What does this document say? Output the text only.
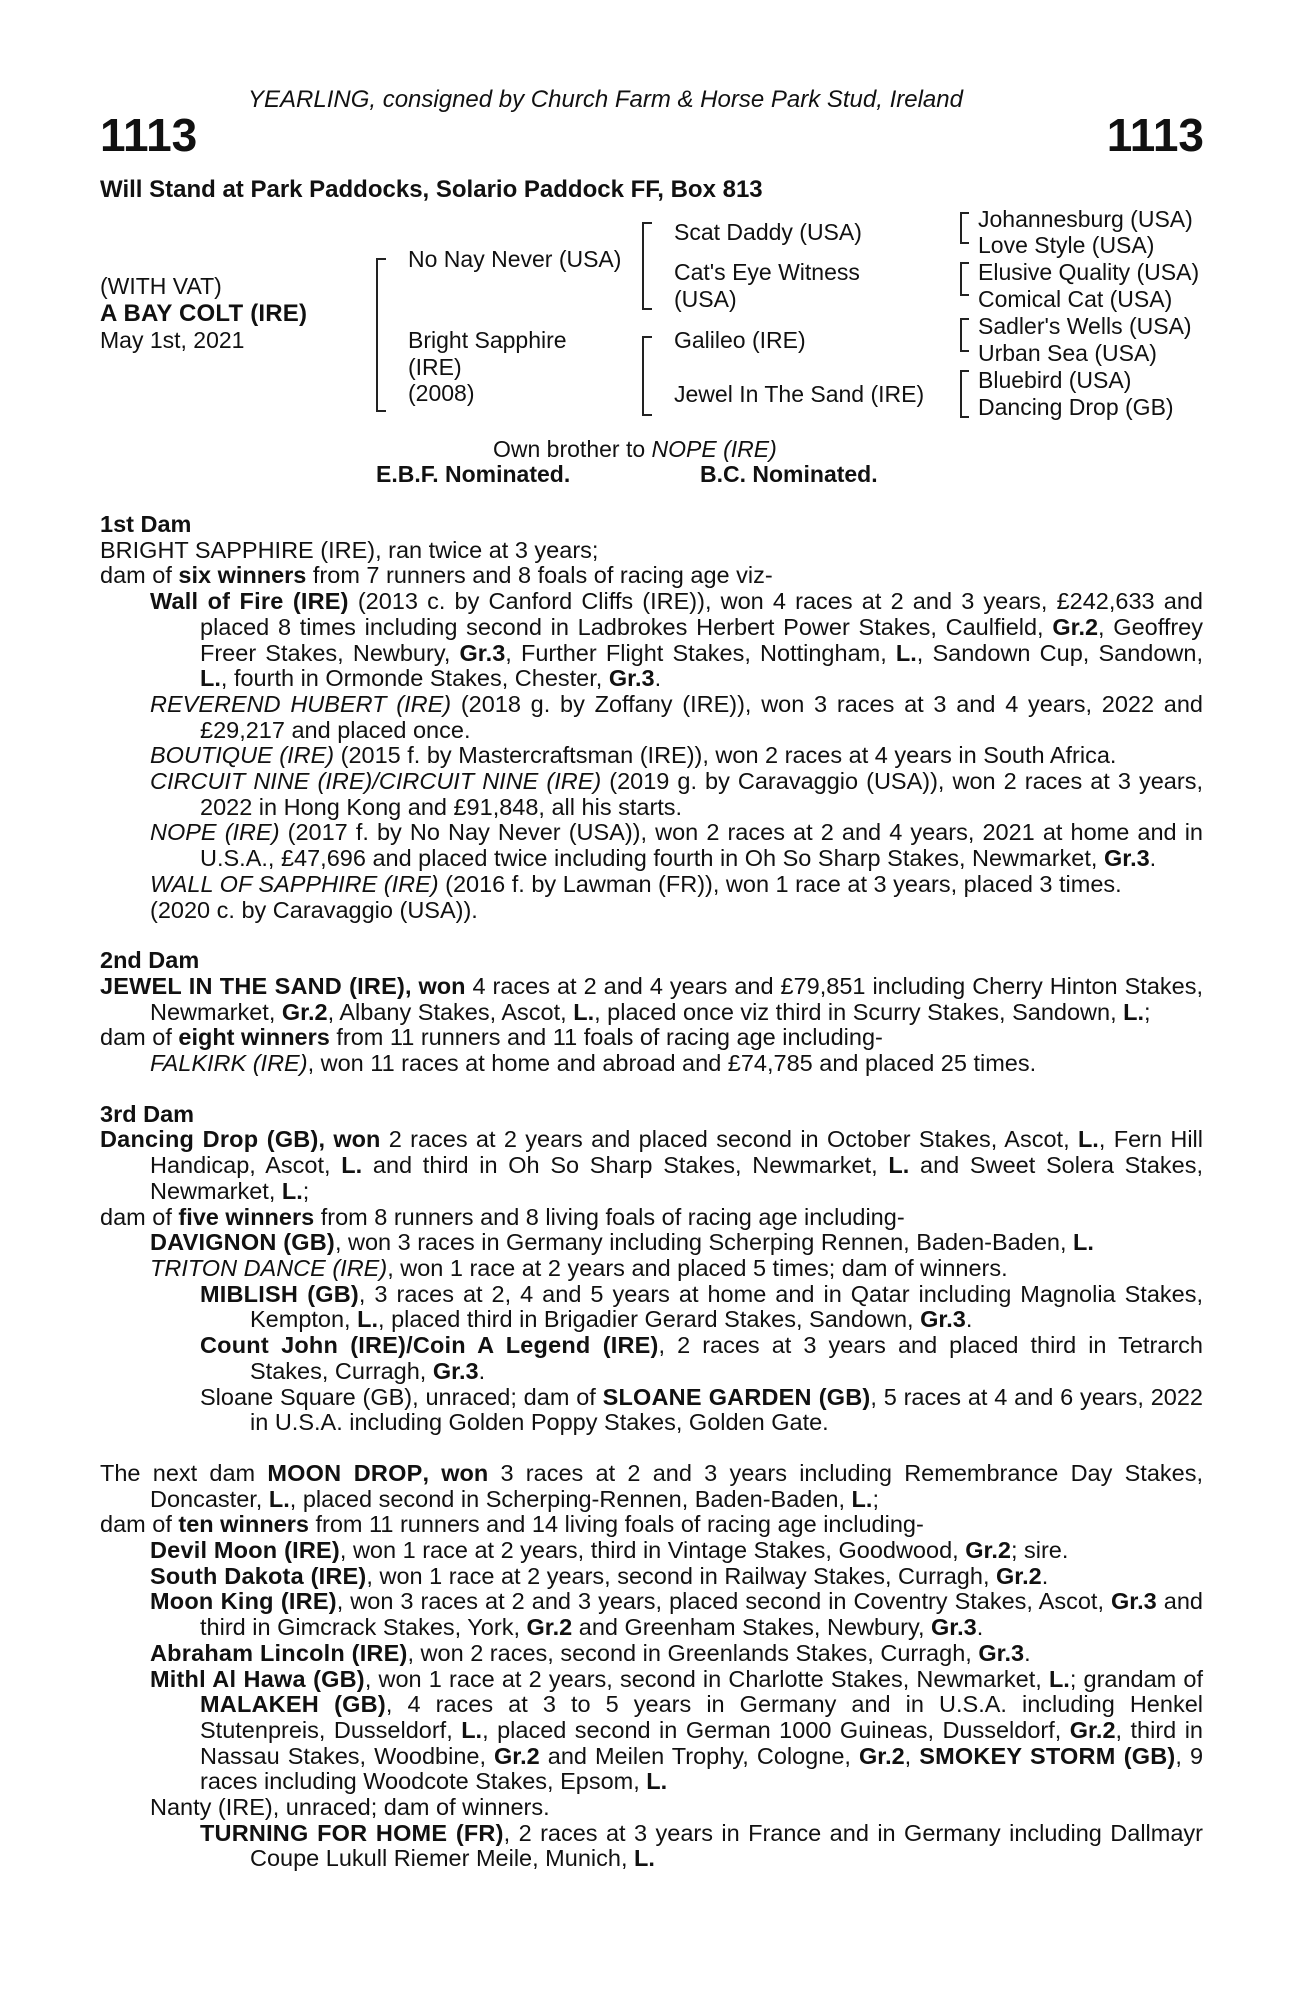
YEARLING, consigned by Church Farm & Horse Park Stud, Ireland
1113	1113
Will Stand at Park Paddocks, Solario Paddock FF, Box 813
(WITH VAT)
A BAY COLT (IRE)
May 1st, 2021
No Nay Never (USA)
Bright Sapphire
(IRE)
(2008)
Scat Daddy (USA)
Cat's Eye Witness
(USA)
Galileo (IRE)
Jewel In The Sand (IRE)
Johannesburg (USA)
Love Style (USA)
Elusive Quality (USA)
Comical Cat (USA)
Sadler's Wells (USA)
Urban Sea (USA)
Bluebird (USA)
Dancing Drop (GB)
Own brother to NOPE (IRE)
E.B.F. Nominated.	B.C. Nominated.

1st Dam

BRIGHT SAPPHIRE (IRE), ran twice at 3 years;

dam of six winners from 7 runners and 8 foals of racing age viz-

Wall of Fire (IRE) (2013 c. by Canford Cliffs (IRE)), won 4 races at 2 and 3 years, £242,633 and placed 8 times including second in Ladbrokes Herbert Power Stakes, Caulfield, Gr.2, Geoffrey Freer Stakes, Newbury, Gr.3, Further Flight Stakes, Nottingham, L., Sandown Cup, Sandown, L., fourth in Ormonde Stakes, Chester, Gr.3.

REVEREND HUBERT (IRE) (2018 g. by Zoffany (IRE)), won 3 races at 3 and 4 years, 2022 and £29,217 and placed once.

BOUTIQUE (IRE) (2015 f. by Mastercraftsman (IRE)), won 2 races at 4 years in South Africa.

CIRCUIT NINE (IRE)/CIRCUIT NINE (IRE) (2019 g. by Caravaggio (USA)), won 2 races at 3 years, 2022 in Hong Kong and £91,848, all his starts.

NOPE (IRE) (2017 f. by No Nay Never (USA)), won 2 races at 2 and 4 years, 2021 at home and in U.S.A., £47,696 and placed twice including fourth in Oh So Sharp Stakes, Newmarket, Gr.3.

WALL OF SAPPHIRE (IRE) (2016 f. by Lawman (FR)), won 1 race at 3 years, placed 3 times.

(2020 c. by Caravaggio (USA)).

2nd Dam

JEWEL IN THE SAND (IRE), won 4 races at 2 and 4 years and £79,851 including Cherry Hinton Stakes, Newmarket, Gr.2, Albany Stakes, Ascot, L., placed once viz third in Scurry Stakes, Sandown, L.;

dam of eight winners from 11 runners and 11 foals of racing age including-

FALKIRK (IRE), won 11 races at home and abroad and £74,785 and placed 25 times.

3rd Dam

Dancing Drop (GB), won 2 races at 2 years and placed second in October Stakes, Ascot, L., Fern Hill Handicap, Ascot, L. and third in Oh So Sharp Stakes, Newmarket, L. and Sweet Solera Stakes, Newmarket, L.;

dam of five winners from 8 runners and 8 living foals of racing age including-

DAVIGNON (GB), won 3 races in Germany including Scherping Rennen, Baden-Baden, L.

TRITON DANCE (IRE), won 1 race at 2 years and placed 5 times; dam of winners.

MIBLISH (GB), 3 races at 2, 4 and 5 years at home and in Qatar including Magnolia Stakes, Kempton, L., placed third in Brigadier Gerard Stakes, Sandown, Gr.3.

Count John (IRE)/Coin A Legend (IRE), 2 races at 3 years and placed third in Tetrarch Stakes, Curragh, Gr.3.

Sloane Square (GB), unraced; dam of SLOANE GARDEN (GB), 5 races at 4 and 6 years, 2022 in U.S.A. including Golden Poppy Stakes, Golden Gate.

The next dam MOON DROP, won 3 races at 2 and 3 years including Remembrance Day Stakes, Doncaster, L., placed second in Scherping-Rennen, Baden-Baden, L.;

dam of ten winners from 11 runners and 14 living foals of racing age including-

Devil Moon (IRE), won 1 race at 2 years, third in Vintage Stakes, Goodwood, Gr.2; sire.

South Dakota (IRE), won 1 race at 2 years, second in Railway Stakes, Curragh, Gr.2.

Moon King (IRE), won 3 races at 2 and 3 years, placed second in Coventry Stakes, Ascot, Gr.3 and third in Gimcrack Stakes, York, Gr.2 and Greenham Stakes, Newbury, Gr.3.

Abraham Lincoln (IRE), won 2 races, second in Greenlands Stakes, Curragh, Gr.3.

Mithl Al Hawa (GB), won 1 race at 2 years, second in Charlotte Stakes, Newmarket, L.; grandam of MALAKEH (GB), 4 races at 3 to 5 years in Germany and in U.S.A. including Henkel Stutenpreis, Dusseldorf, L., placed second in German 1000 Guineas, Dusseldorf, Gr.2, third in Nassau Stakes, Woodbine, Gr.2 and Meilen Trophy, Cologne, Gr.2, SMOKEY STORM (GB), 9 races including Woodcote Stakes, Epsom, L.

Nanty (IRE), unraced; dam of winners.

TURNING FOR HOME (FR), 2 races at 3 years in France and in Germany including Dallmayr Coupe Lukull Riemer Meile, Munich, L.
